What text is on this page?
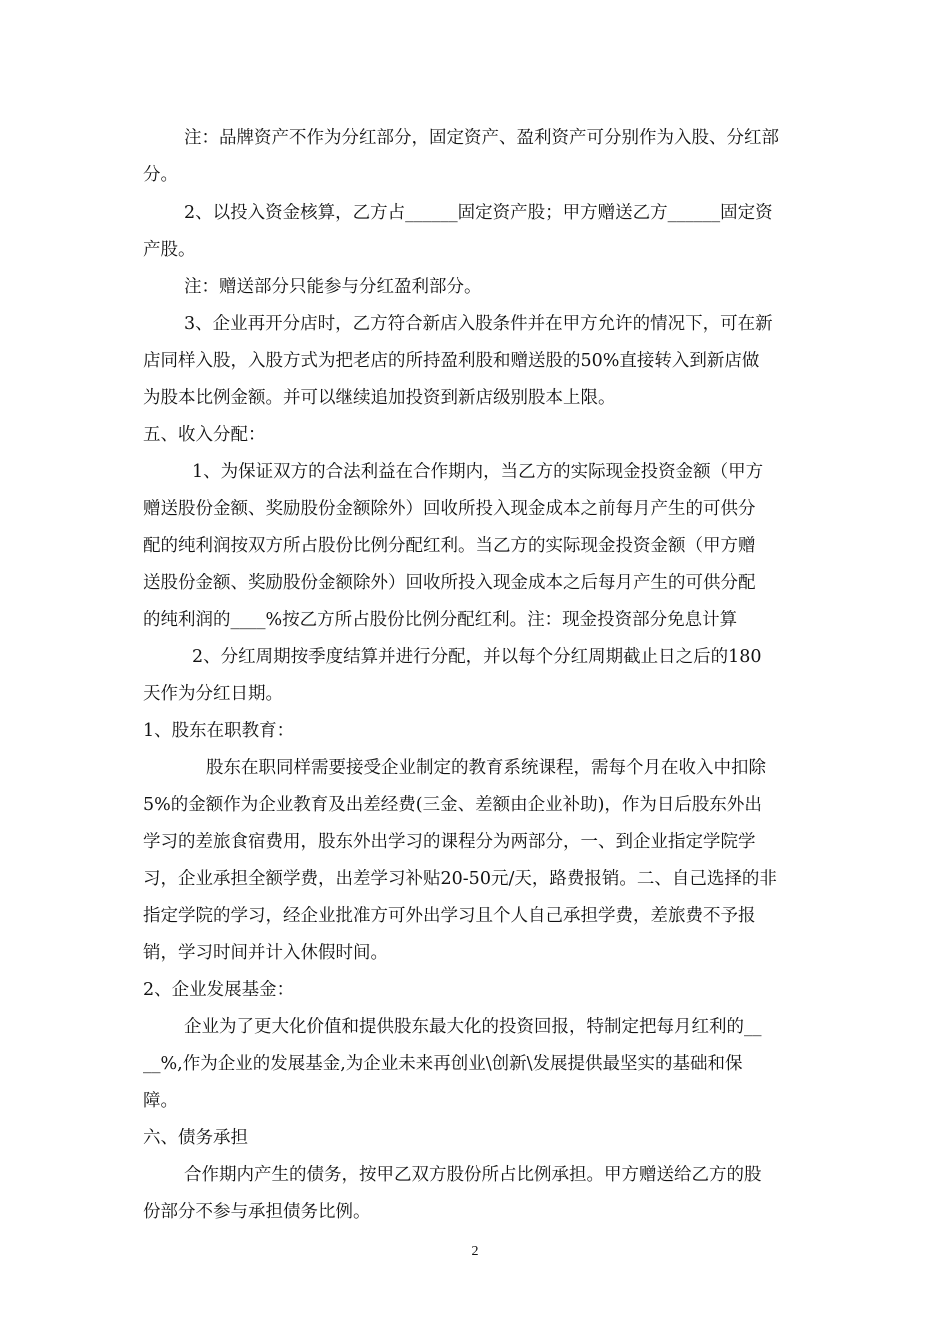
注：品牌资产不作为分红部分，固定资产、盈利资产可分别作为入股、分红部
分。
2、以投入资金核算，乙方占______固定资产股；甲方赠送乙方______固定资
产股。
注：赠送部分只能参与分红盈利部分。
3、企业再开分店时，乙方符合新店入股条件并在甲方允许的情况下，可在新
店同样入股，入股方式为把老店的所持盈利股和赠送股的50%直接转入到新店做
为股本比例金额。并可以继续追加投资到新店级别股本上限。
五、收入分配：
1、为保证双方的合法利益在合作期内，当乙方的实际现金投资金额（甲方
赠送股份金额、奖励股份金额除外）回收所投入现金成本之前每月产生的可供分
配的纯利润按双方所占股份比例分配红利。当乙方的实际现金投资金额（甲方赠
送股份金额、奖励股份金额除外）回收所投入现金成本之后每月产生的可供分配
的纯利润的____%按乙方所占股份比例分配红利。注：现金投资部分免息计算
2、分红周期按季度结算并进行分配，并以每个分红周期截止日之后的180
天作为分红日期。
1、股东在职教育：
股东在职同样需要接受企业制定的教育系统课程，需每个月在收入中扣除
5%的金额作为企业教育及出差经费(三金、差额由企业补助)，作为日后股东外出
学习的差旅食宿费用，股东外出学习的课程分为两部分，一、到企业指定学院学
习，企业承担全额学费，出差学习补贴20-50元/天，路费报销。二、自己选择的非
指定学院的学习，经企业批准方可外出学习且个人自己承担学费，差旅费不予报
销，学习时间并计入休假时间。
2、企业发展基金：
企业为了更大化价值和提供股东最大化的投资回报，特制定把每月红利的__
__%,作为企业的发展基金,为企业未来再创业\创新\发展提供最坚实的基础和保
障。
六、债务承担
合作期内产生的债务，按甲乙双方股份所占比例承担。甲方赠送给乙方的股
份部分不参与承担债务比例。
2
